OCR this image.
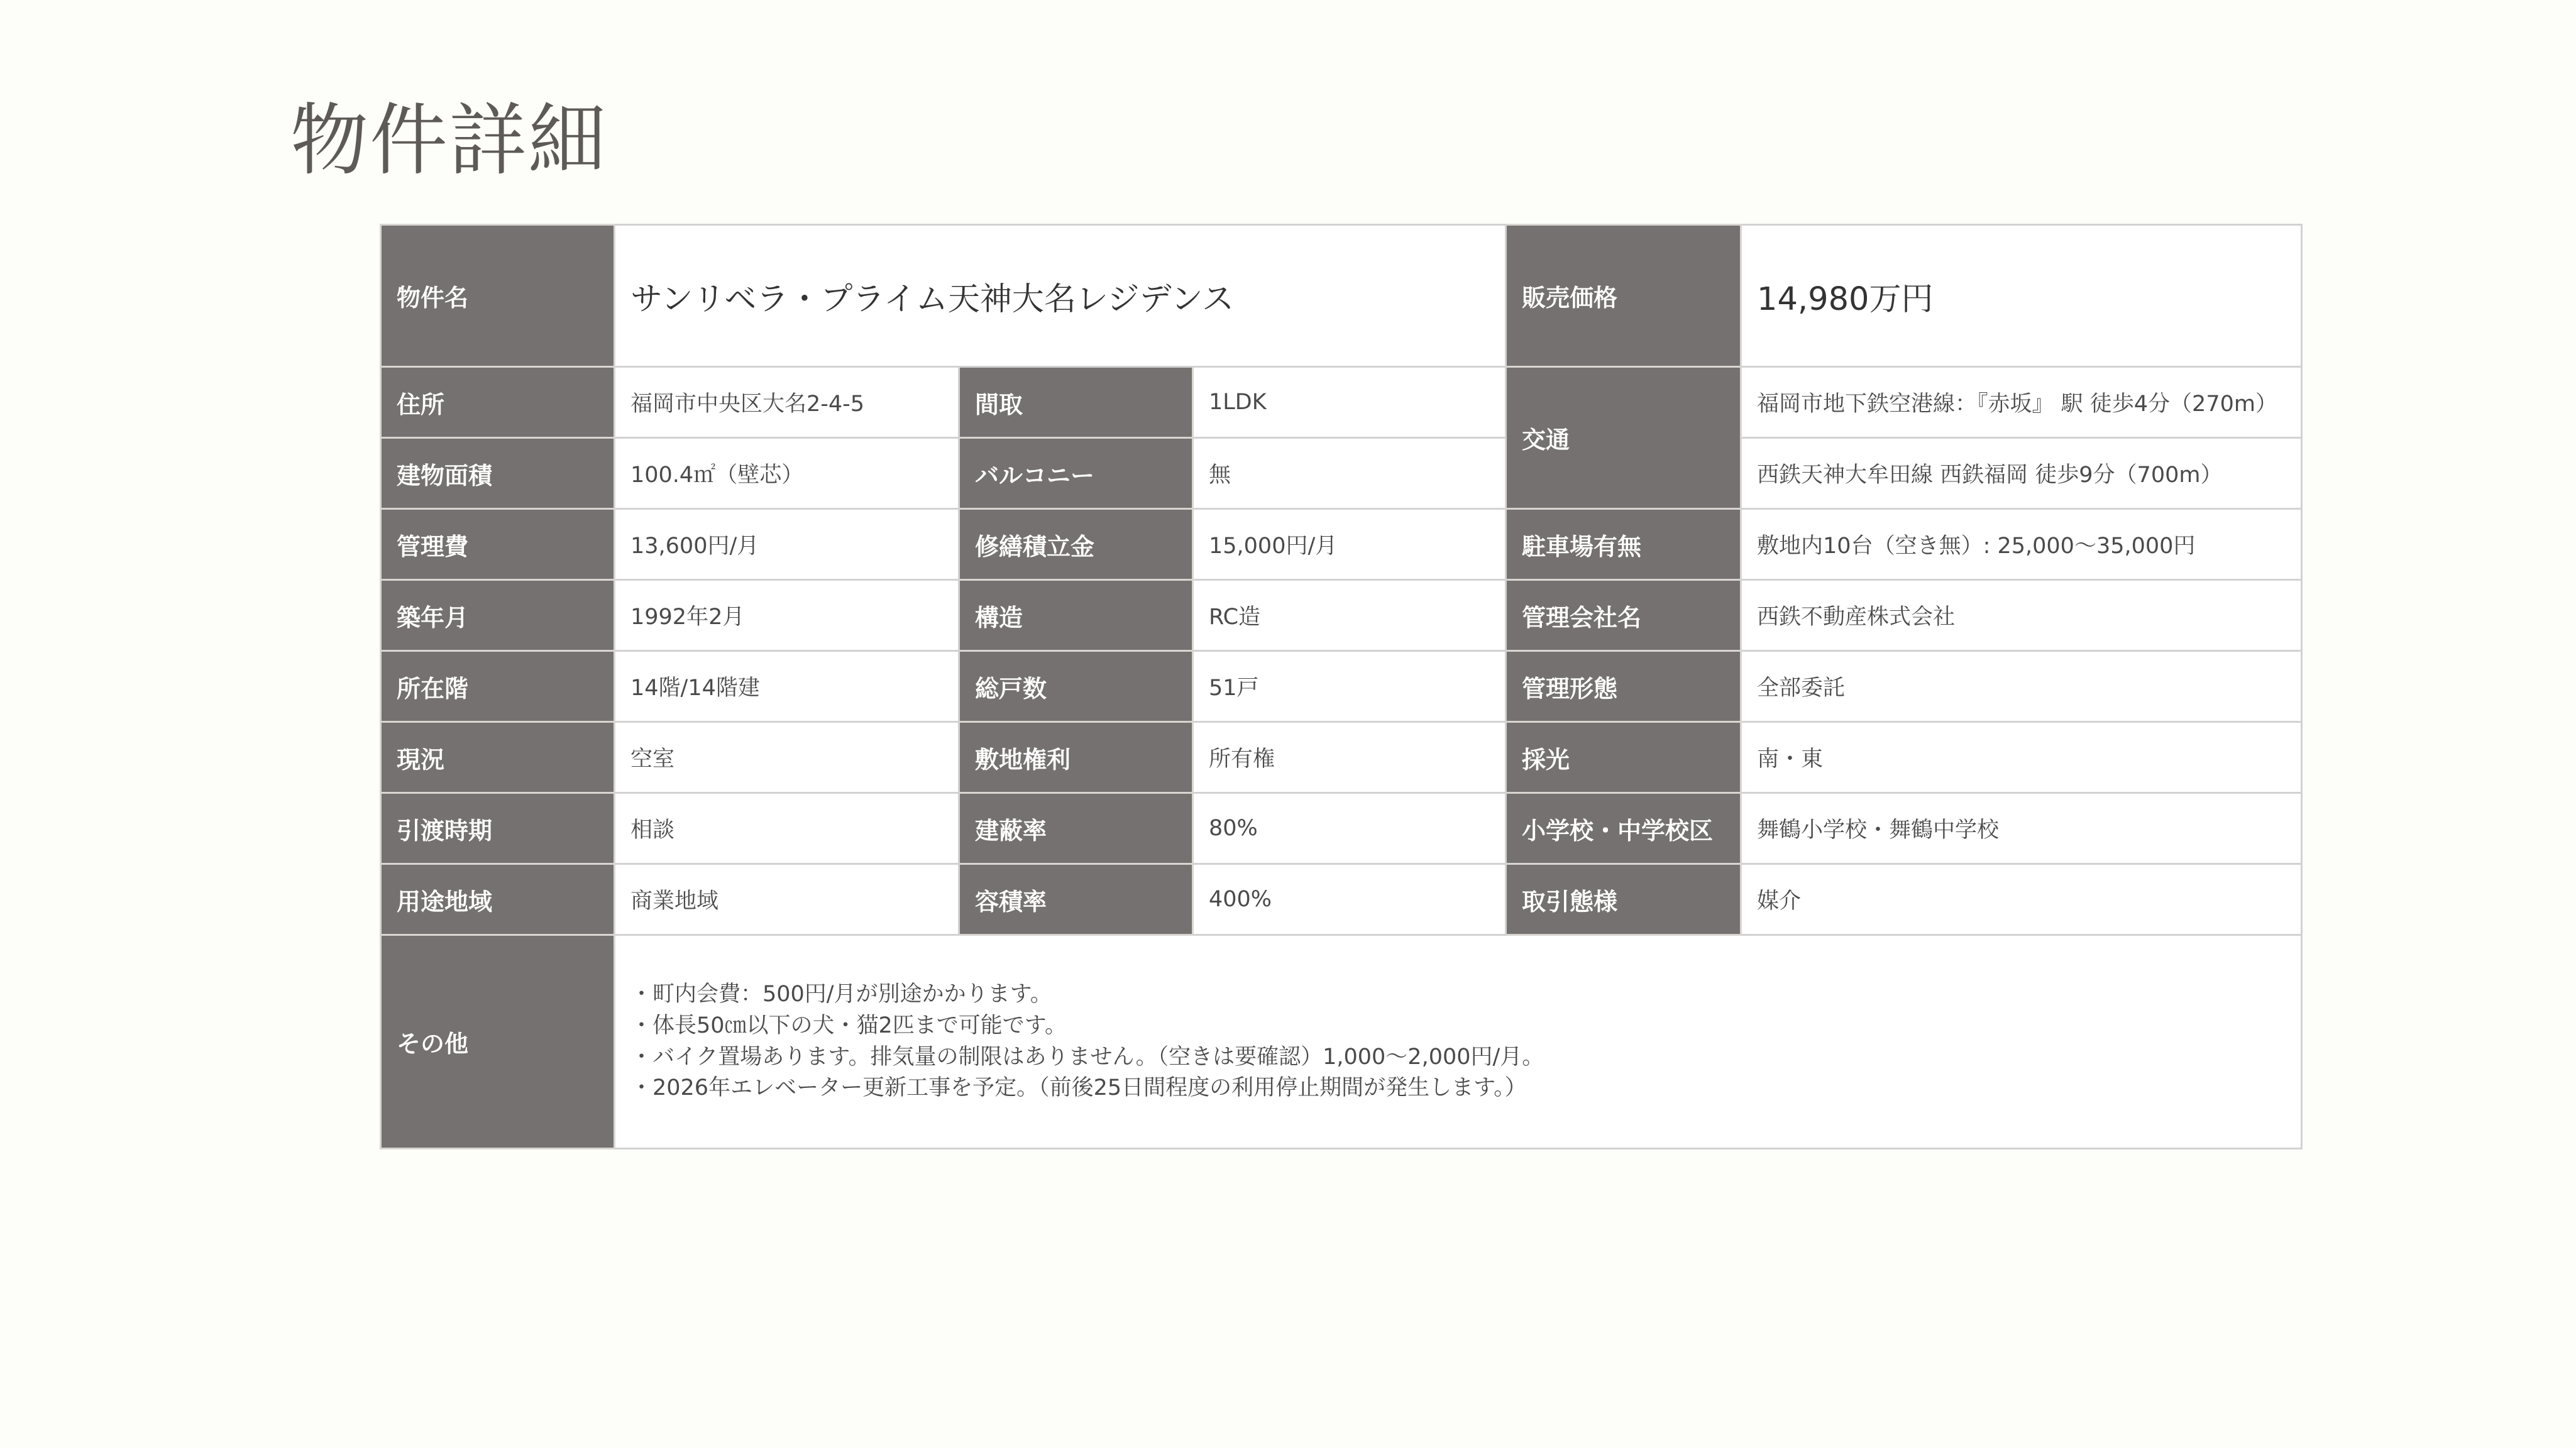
物件詳細
物件名	サンリベラ・プライム天神大名レジデンス			販売価格	14,980万円
住所	福岡市中央区大名2-4-5	間取	1LDK	交通	福岡市地下鉄空港線：『赤坂』 駅 徒歩4分（270m）
建物面積	100.4㎡（壁芯）	バルコニー	無		西鉄天神大牟田線 西鉄福岡 徒歩9分（700m）
管理費	13,600円/月	修繕積立金	15,000円/月	駐車場有無	敷地内10台（空き無）: 25,000〜35,000円
築年月	1992年2月	構造	RC造	管理会社名	西鉄不動産株式会社
所在階	14階/14階建	総戸数	51戸	管理形態	全部委託
現況	空室	敷地権利	所有権	採光	南・東
引渡時期	相談	建蔽率	80%	小学校・中学校区	舞鶴小学校・舞鶴中学校
用途地域	商業地域	容積率	400%	取引態様	媒介
その他	・町内会費：500円/月が別途かかります。
・体長50㎝以下の犬・猫2匹まで可能です。
・バイク置場あります。排気量の制限はありません。（空きは要確認）1,000〜2,000円/月。
・2026年エレベーター更新工事を予定。（前後25日間程度の利用停止期間が発生します。）				
